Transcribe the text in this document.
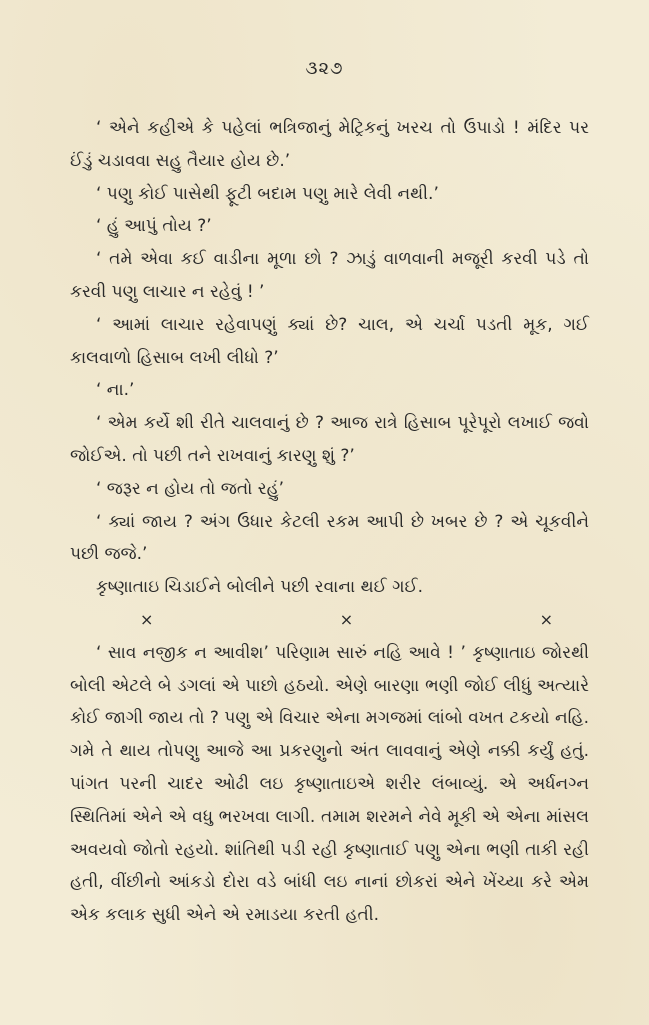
૩૨૭

‘ એને કહીએ કે પહેલાં ભત્રિજાનું મેટ્રિકનું ખરચ તો ઉપાડો ! મંદિર પર ઈંડું ચડાવવા સહુ તૈયાર હોય છે.’

‘ પણુ કોઈ પાસેથી ફૂટી બદામ પણુ મારે લેવી નથી.’

‘ હું આપું તોય ?’

‘ તમે એવા કઈ વાડીના મૂળા છો ? ઝાડું વાળવાની મજૂરી કરવી પડે તો કરવી પણુ લાચાર ન રહેવું ! ’

‘ આમાં લાચાર રહેવાપણું ક્યાં છે? ચાલ, એ ચર્ચા પડતી મૂક, ગઈ કાલવાળો હિસાબ લખી લીધો ?’

‘ ના.’

‘ એમ કર્યે શી રીતે ચાલવાનું છે ? આજ રાત્રે હિસાબ પૂરેપૂરો લખાઈ જવો જોઈએ. તો પછી તને રાખવાનું કારણુ શું ?’

‘ જરૂર ન હોય તો જતો રહું’

‘ ક્યાં જાય ? અંગ ઉધાર કેટલી રકમ આપી છે ખબર છે ? એ ચૂકવીને પછી જજે.’

કૃષ્ણાતાઇ ચિડાઈને બોલીને પછી રવાના થઈ ગઈ.

×	×	×

‘ સાવ નજીક ન આવીશ’ પરિણામ સારું નહિ આવે ! ’ કૃષ્ણાતાઇ જોરથી બોલી એટલે બે ડગલાં એ પાછો હઠયો. એણે બારણા ભણી જોઈ લીધું અત્યારે કોઈ જાગી જાય તો ? પણુ એ વિચાર એના મગજમાં લાંબો વખત ટકયો નહિ. ગમે તે થાય તોપણુ આજે આ પ્રકરણુનો અંત લાવવાનું એણે નક્કી કર્યું હતું. પાંગત પરની ચાદર ઓઢી લઇ કૃષ્ણાતાઇએ શરીર લંબાવ્યું. એ અર્ધનગ્ન સ્થિતિમાં એને એ વધુ ભરખવા લાગી. તમામ શરમને નેવે મૂકી એ એના માંસલ અવયવો જોતો રહયો. શાંતિથી પડી રહી કૃષ્ણાતાઈ પણુ એના ભણી તાકી રહી હતી, વીંછીનો આંકડો દોરા વડે બાંધી લઇ નાનાં છોકરાં એને ખેંચ્યા કરે એમ એક કલાક સુધી એને એ રમાડયા કરતી હતી.
